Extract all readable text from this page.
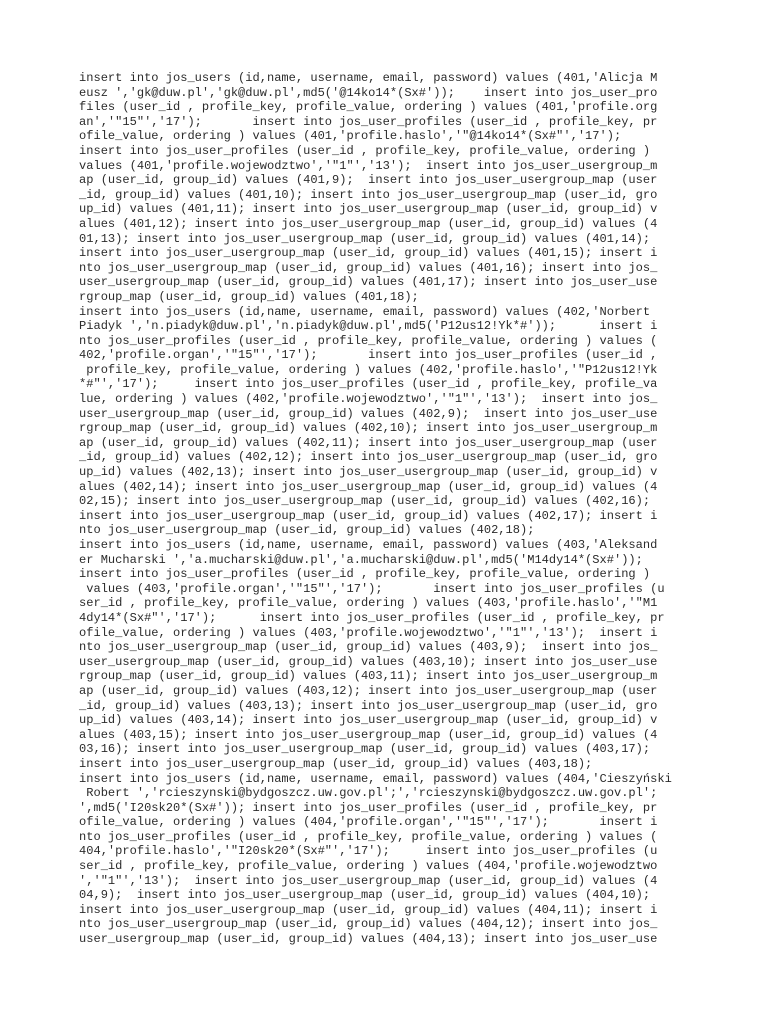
insert into jos_users (id,name, username, email, password) values (401,'Alicja M
eusz ','gk@duw.pl','gk@duw.pl',md5('@14ko14*(Sx#'));    insert into jos_user_pro
files (user_id , profile_key, profile_value, ordering ) values (401,'profile.org
an','"15"','17');       insert into jos_user_profiles (user_id , profile_key, pr
ofile_value, ordering ) values (401,'profile.haslo','"@14ko14*(Sx#"','17');
insert into jos_user_profiles (user_id , profile_key, profile_value, ordering )
values (401,'profile.wojewodztwo','"1"','13');  insert into jos_user_usergroup_m
ap (user_id, group_id) values (401,9);  insert into jos_user_usergroup_map (user
_id, group_id) values (401,10); insert into jos_user_usergroup_map (user_id, gro
up_id) values (401,11); insert into jos_user_usergroup_map (user_id, group_id) v
alues (401,12); insert into jos_user_usergroup_map (user_id, group_id) values (4
01,13); insert into jos_user_usergroup_map (user_id, group_id) values (401,14);
insert into jos_user_usergroup_map (user_id, group_id) values (401,15); insert i
nto jos_user_usergroup_map (user_id, group_id) values (401,16); insert into jos_
user_usergroup_map (user_id, group_id) values (401,17); insert into jos_user_use
rgroup_map (user_id, group_id) values (401,18);
insert into jos_users (id,name, username, email, password) values (402,'Norbert
Piadyk ','n.piadyk@duw.pl','n.piadyk@duw.pl',md5('P12us12!Yk*#'));      insert i
nto jos_user_profiles (user_id , profile_key, profile_value, ordering ) values (
402,'profile.organ','"15"','17');       insert into jos_user_profiles (user_id ,
profile_key, profile_value, ordering ) values (402,'profile.haslo','"P12us12!Yk
*#"','17');     insert into jos_user_profiles (user_id , profile_key, profile_va
lue, ordering ) values (402,'profile.wojewodztwo','"1"','13');  insert into jos_
user_usergroup_map (user_id, group_id) values (402,9);  insert into jos_user_use
rgroup_map (user_id, group_id) values (402,10); insert into jos_user_usergroup_m
ap (user_id, group_id) values (402,11); insert into jos_user_usergroup_map (user
_id, group_id) values (402,12); insert into jos_user_usergroup_map (user_id, gro
up_id) values (402,13); insert into jos_user_usergroup_map (user_id, group_id) v
alues (402,14); insert into jos_user_usergroup_map (user_id, group_id) values (4
02,15); insert into jos_user_usergroup_map (user_id, group_id) values (402,16);
insert into jos_user_usergroup_map (user_id, group_id) values (402,17); insert i
nto jos_user_usergroup_map (user_id, group_id) values (402,18);
insert into jos_users (id,name, username, email, password) values (403,'Aleksand
er Mucharski ','a.mucharski@duw.pl','a.mucharski@duw.pl',md5('M14dy14*(Sx#'));
insert into jos_user_profiles (user_id , profile_key, profile_value, ordering )
values (403,'profile.organ','"15"','17');       insert into jos_user_profiles (u
ser_id , profile_key, profile_value, ordering ) values (403,'profile.haslo','"M1
4dy14*(Sx#"','17');      insert into jos_user_profiles (user_id , profile_key, pr
ofile_value, ordering ) values (403,'profile.wojewodztwo','"1"','13');  insert i
nto jos_user_usergroup_map (user_id, group_id) values (403,9);  insert into jos_
user_usergroup_map (user_id, group_id) values (403,10); insert into jos_user_use
rgroup_map (user_id, group_id) values (403,11); insert into jos_user_usergroup_m
ap (user_id, group_id) values (403,12); insert into jos_user_usergroup_map (user
_id, group_id) values (403,13); insert into jos_user_usergroup_map (user_id, gro
up_id) values (403,14); insert into jos_user_usergroup_map (user_id, group_id) v
alues (403,15); insert into jos_user_usergroup_map (user_id, group_id) values (4
03,16); insert into jos_user_usergroup_map (user_id, group_id) values (403,17);
insert into jos_user_usergroup_map (user_id, group_id) values (403,18);
insert into jos_users (id,name, username, email, password) values (404,'Cieszyński
Robert ','rcieszynski@bydgoszcz.uw.gov.pl';','rcieszynski@bydgoszcz.uw.gov.pl';
',md5('I20sk20*(Sx#')); insert into jos_user_profiles (user_id , profile_key, pr
ofile_value, ordering ) values (404,'profile.organ','"15"','17');       insert i
nto jos_user_profiles (user_id , profile_key, profile_value, ordering ) values (
404,'profile.haslo','"I20sk20*(Sx#"','17');     insert into jos_user_profiles (u
ser_id , profile_key, profile_value, ordering ) values (404,'profile.wojewodztwo
','"1"','13');  insert into jos_user_usergroup_map (user_id, group_id) values (4
04,9);  insert into jos_user_usergroup_map (user_id, group_id) values (404,10);
insert into jos_user_usergroup_map (user_id, group_id) values (404,11); insert i
nto jos_user_usergroup_map (user_id, group_id) values (404,12); insert into jos_
user_usergroup_map (user_id, group_id) values (404,13); insert into jos_user_use
